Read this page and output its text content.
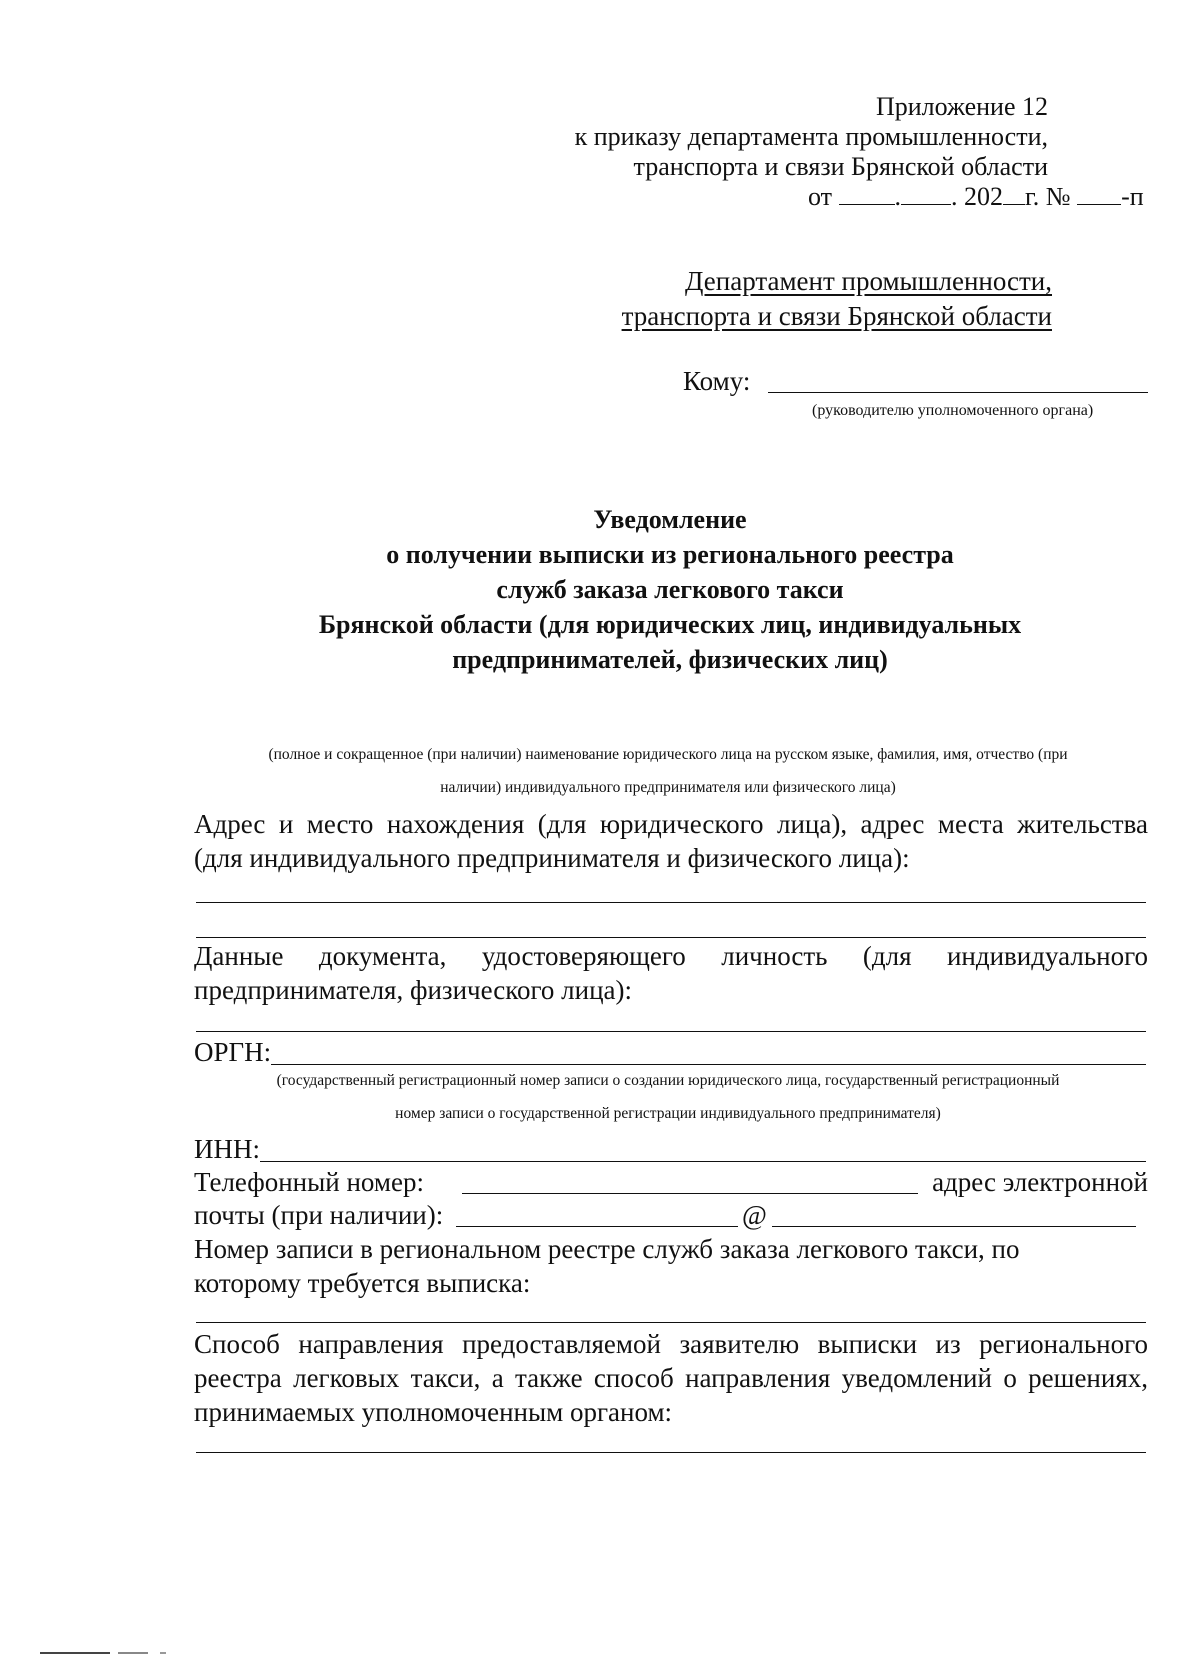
Приложение 12
к приказу департамента промышленности,
транспорта и связи Брянской области
от . . 202 г. № -п
Департамент промышленности,
транспорта и связи Брянской области
Кому:
(руководителю уполномоченного органа)
Уведомление
о получении выписки из регионального реестра
служб заказа легкового такси
Брянской области (для юридических лиц, индивидуальных
предпринимателей, физических лиц)
(полное и сокращенное (при наличии) наименование юридического лица на русском языке, фамилия, имя, отчество (при
наличии) индивидуального предпринимателя или физического лица)
Адрес и место нахождения (для юридического лица), адрес места жительства
(для индивидуального предпринимателя и физического лица):
Данные документа, удостоверяющего личность (для индивидуального
предпринимателя, физического лица):
ОРГН:
(государственный регистрационный номер записи о создании юридического лица, государственный регистрационный
номер записи о государственной регистрации индивидуального предпринимателя)
ИНН:
Телефонный номер:	адрес электронной
почты (при наличии):	@
Номер записи в региональном реестре служб заказа легкового такси, по
которому требуется выписка:
Способ направления предоставляемой заявителю выписки из регионального
реестра легковых такси, а также способ направления уведомлений о решениях,
принимаемых уполномоченным органом:
